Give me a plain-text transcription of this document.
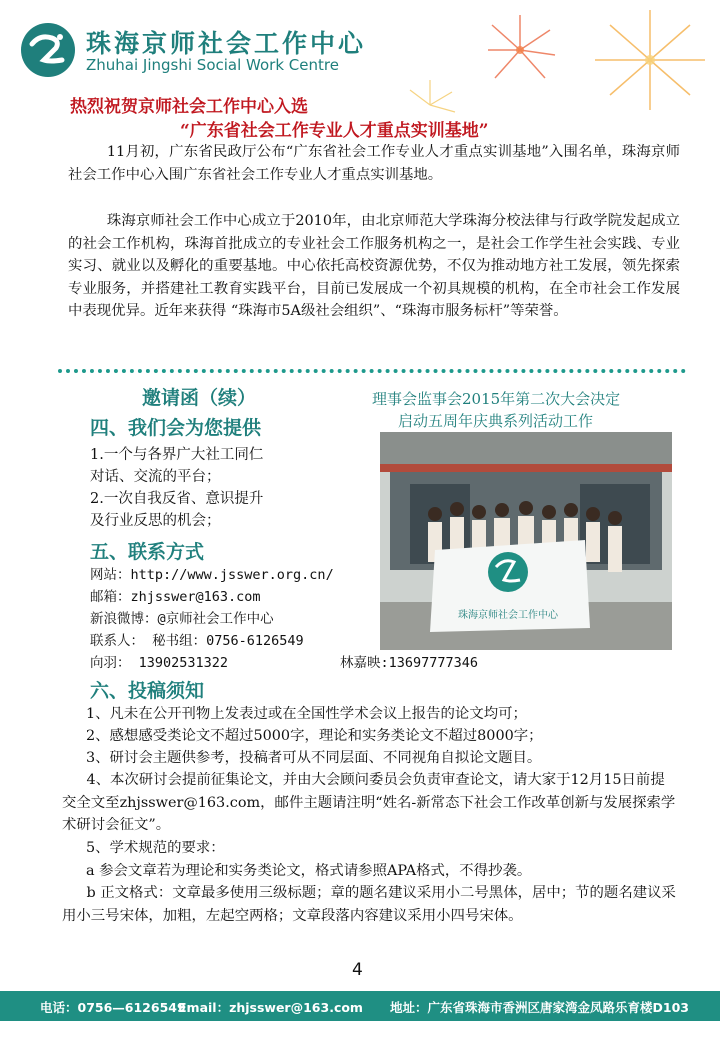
珠海京师社会工作中心
Zhuhai Jingshi Social Work Centre
热烈祝贺京师社会工作中心入选
“广东省社会工作专业人才重点实训基地”
11月初，广东省民政厅公布“广东省社会工作专业人才重点实训基地”入围名单，珠海京师社会工作中心入围广东省社会工作专业人才重点实训基地。
珠海京师社会工作中心成立于2010年，由北京师范大学珠海分校法律与行政学院发起成立的社会工作机构，珠海首批成立的专业社会工作服务机构之一，是社会工作学生社会实践、专业实习、就业以及孵化的重要基地。中心依托高校资源优势，不仅为推动地方社工发展，领先探索专业服务，并搭建社工教育实践平台，目前已发展成一个初具规模的机构，在全市社会工作发展中表现优异。近年来获得 “珠海市5A级社会组织”、“珠海市服务标杆”等荣誉。
邀请函（续）	理事会监事会2015年第二次大会决定
启动五周年庆典系列活动工作
四、我们会为您提供
1.一个与各界广大社工同仁
对话、交流的平台；
2.一次自我反省、意识提升
及行业反思的机会；
五、联系方式
网站：http://www.jsswer.org.cn/
邮箱：zhjsswer@163.com
新浪微博：@京师社会工作中心
联系人： 秘书组：0756-6126549
向羽： 13902531322	林嘉映:13697777346
珠海京师社会工作中心
六、投稿须知
1、凡未在公开刊物上发表过或在全国性学术会议上报告的论文均可；
2、感想感受类论文不超过5000字，理论和实务类论文不超过8000字；
3、研讨会主题供参考，投稿者可从不同层面、不同视角自拟论文题目。
4、本次研讨会提前征集论文，并由大会顾问委员会负责审查论文，请大家于12月15日前提交全文至zhjsswer@163.com，邮件主题请注明“姓名-新常态下社会工作改革创新与发展探索学术研讨会征文”。
5、学术规范的要求：
a 参会文章若为理论和实务类论文，格式请参照APA格式，不得抄袭。
b 正文格式：文章最多使用三级标题；章的题名建议采用小二号黑体，居中；节的题名建议采用小三号宋体，加粗，左起空两格；文章段落内容建议采用小四号宋体。
4
电话：0756—6126549
Email：zhjsswer@163.com 地址：广东省珠海市香洲区唐家湾金凤路乐育楼D103
